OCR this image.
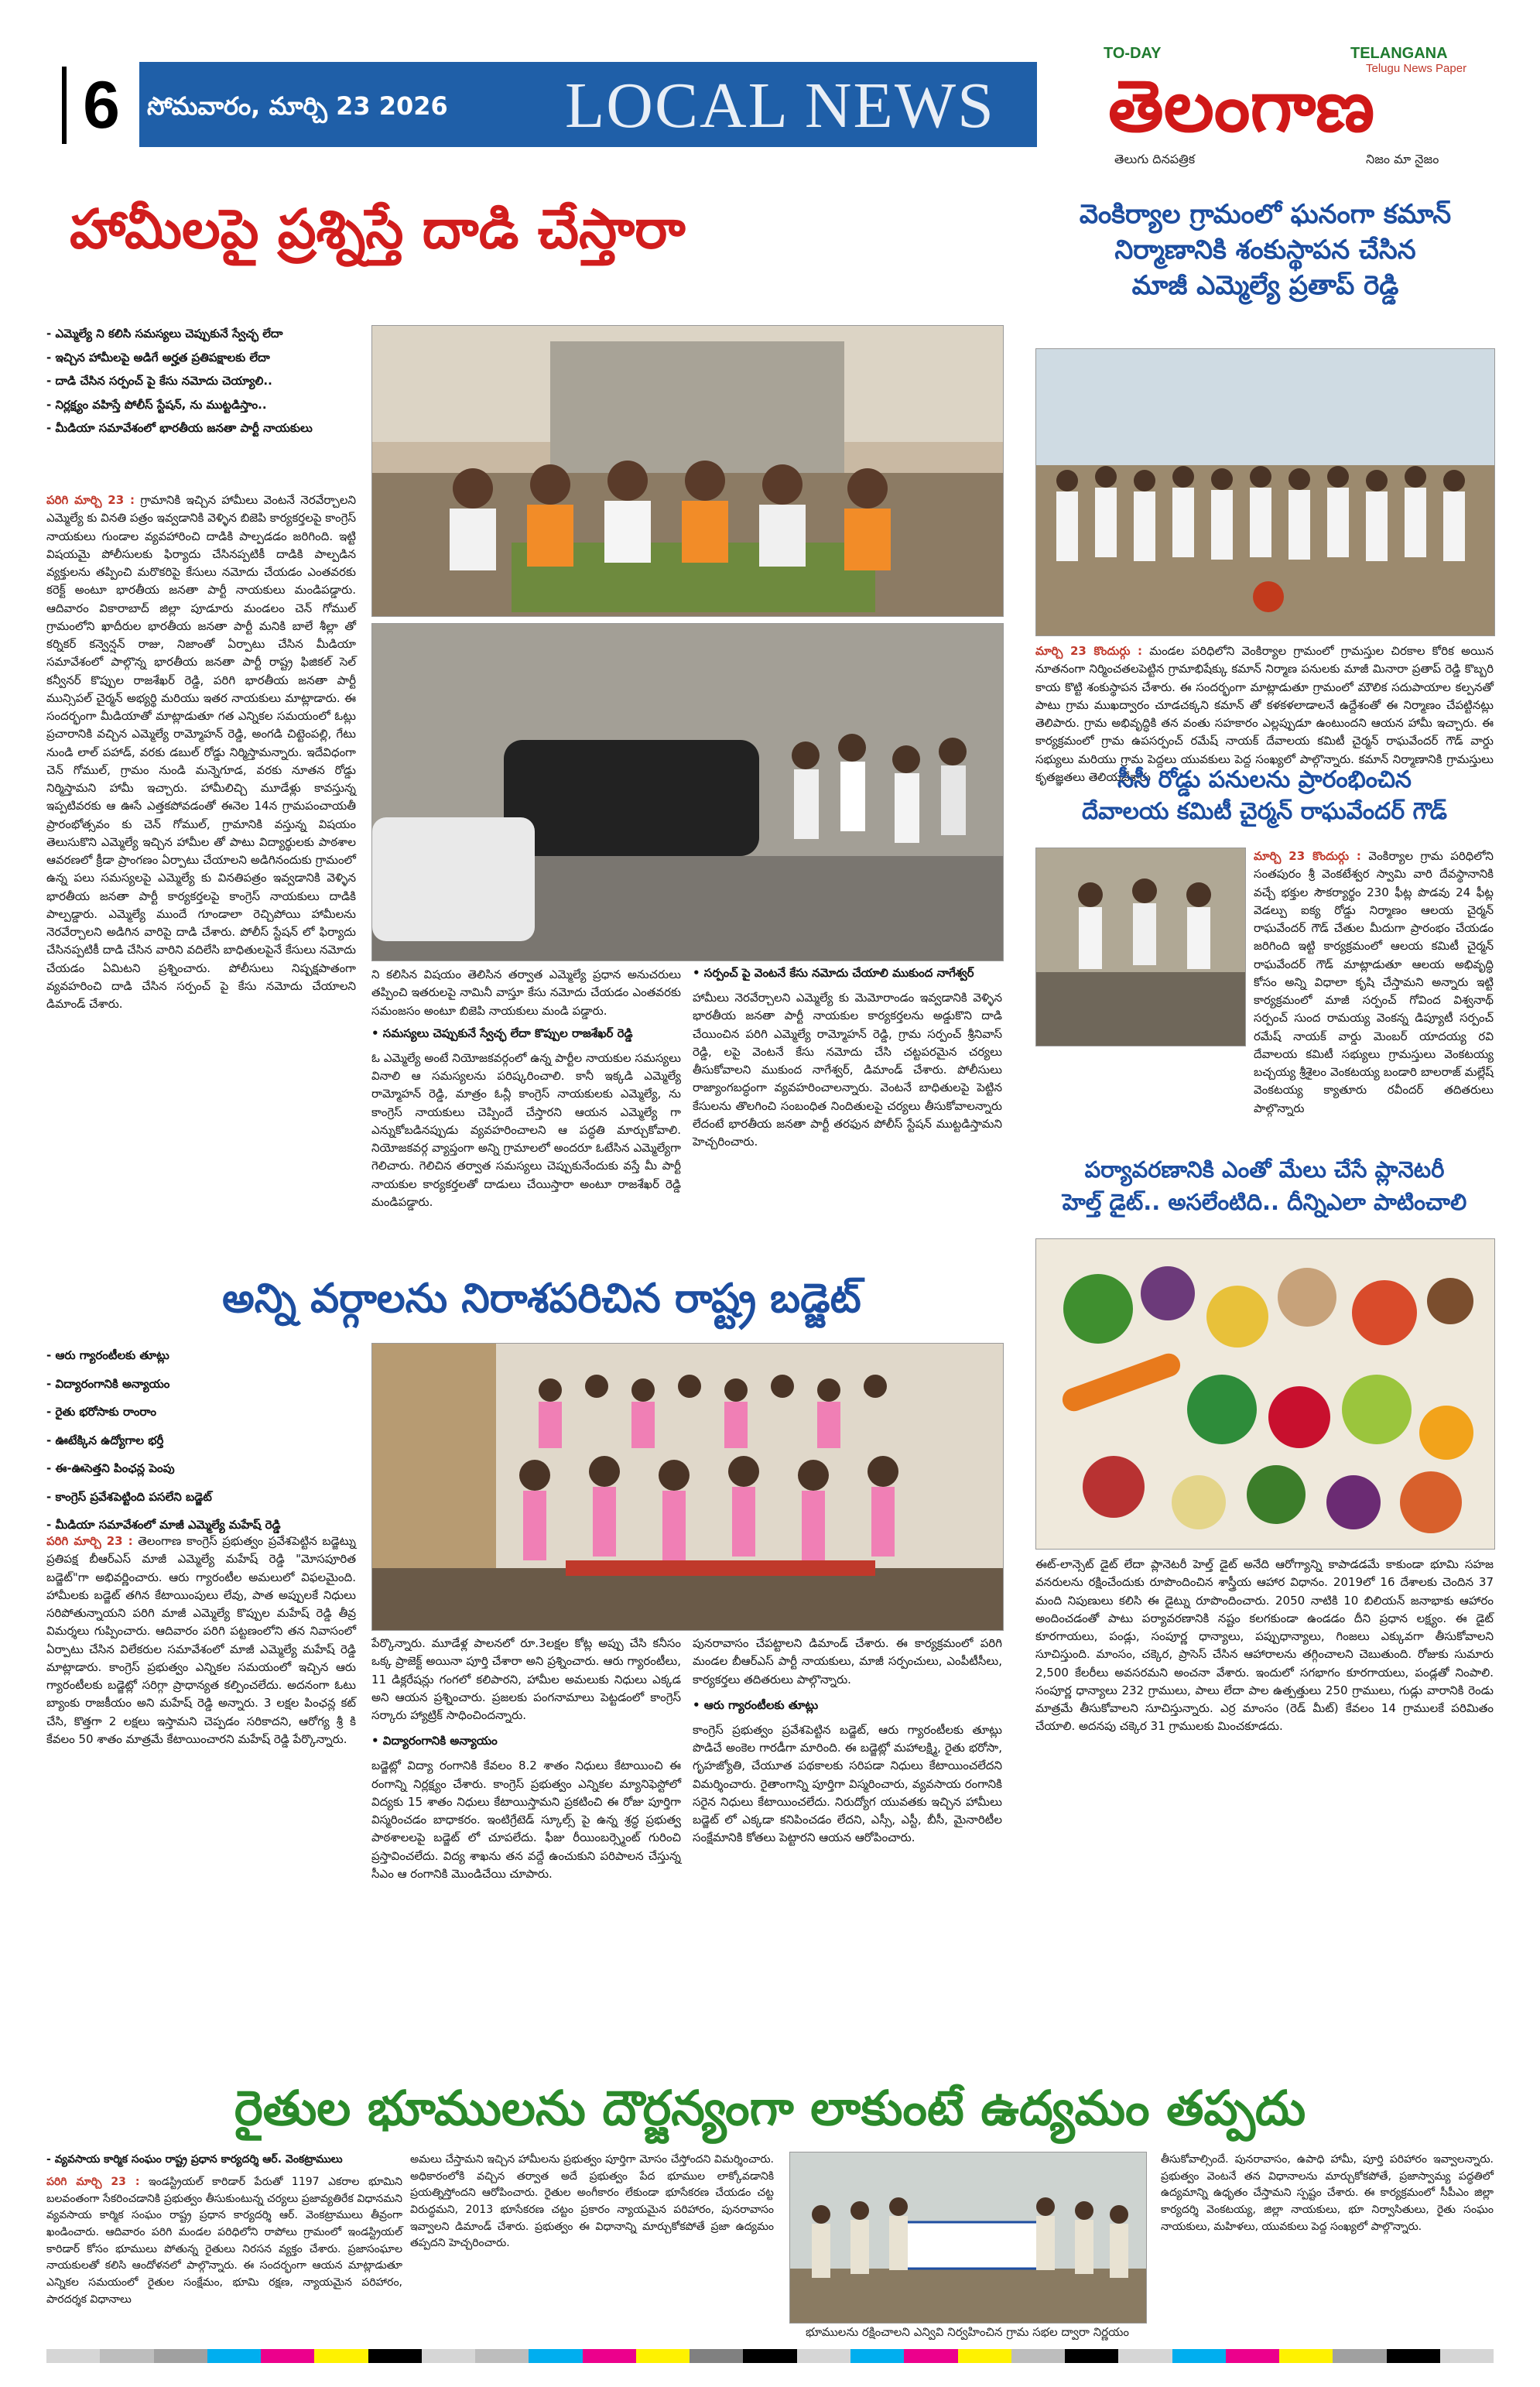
6	సోమవారం, మార్చి 23 2026 LOCAL NEWS
TO-DAY	TELANGANA
Telugu News Paper
తెలంగాణ
తెలుగు దినపత్రిక	నిజం మా నైజం
హామీలపై ప్రశ్నిస్తే దాడి చేస్తారా
- ఎమ్మెల్యే ని కలిసి సమస్యలు చెప్పుకునే స్వేచ్ఛ లేదా
- ఇచ్చిన హామీలపై అడిగే అర్హత ప్రతిపక్షాలకు లేదా
- దాడి చేసిన సర్పంచ్ పై కేసు నమోదు చెయ్యాలి..
- నిర్లక్ష్యం వహిస్తే పోలీస్ స్టేషన్, ను ముట్టడిస్తాం..
- మీడియా సమావేశంలో భారతీయ జనతా పార్టీ నాయకులు

పరిగి మార్చి 23 : గ్రామానికి ఇచ్చిన హామీలు వెంటనే నెరవేర్చాలని ఎమ్మెల్యే కు వినతి పత్రం ఇవ్వడానికి వెళ్ళిన బిజెపి కార్యకర్తలపై కాంగ్రెస్ నాయకులు గుండాల వ్యవహారించి దాడికి పాల్పడడం జరిగింది. ఇట్టి విషయమై పోలీసులకు ఫిర్యాదు చేసినప్పటికీ దాడికి పాల్పడిన వ్యక్తులను తప్పించి మరొకరిపై కేసులు నమోదు చేయడం ఎంతవరకు కరెక్ట్ అంటూ భారతీయ జనతా పార్టీ నాయకులు మండిపడ్డారు. ఆదివారం వికారాబాద్ జిల్లా పూడూరు మండలం చెన్ గోముల్ గ్రామంలోని ఖాదీరుల భారతీయ జనతా పార్టీ మనికి బాలే శీల్లా తో కర్నికర్ కన్వెన్షన్ రాజు, నిజాంతో ఏర్పాటు చేసిన మీడియా సమావేశంలో పాల్గొన్న భారతీయ జనతా పార్టీ రాష్ట్ర ఫిజికల్ సెల్ కన్వీనర్ కొప్పుల రాజశేఖర్ రెడ్డి, పరిగి భారతీయ జనతా పార్టీ మున్సిపల్ చైర్మన్ అభ్యర్థి మరియు ఇతర నాయకులు మాట్లాడారు. ఈ సందర్భంగా మీడియాతో మాట్లాడుతూ గత ఎన్నికల సమయంలో ఓట్లు ప్రచారానికి వచ్చిన ఎమ్మెల్యే రామ్మోహన్ రెడ్డి, అంగడి చిట్టెంపల్లి, గేటు నుండి లాల్ పహాడ్, వరకు డబుల్ రోడ్డు నిర్మిస్తామన్నారు. ఇదేవిధంగా చెన్ గోముల్, గ్రామం నుండి మన్నెగూడ, వరకు నూతన రోడ్డు నిర్మిస్తామని హామీ ఇచ్చారు. హామీలిచ్చి మూడేళ్లు కావస్తున్న ఇప్పటివరకు ఆ ఊసే ఎత్తకపోవడంతో ఈనెల 14న గ్రామపంచాయతీ ప్రారంభోత్సవం కు చెన్ గోముల్, గ్రామానికి వస్తున్న విషయం తెలుసుకొని ఎమ్మెల్యే ఇచ్చిన హామీల తో పాటు విద్యార్థులకు పాఠశాల ఆవరణలో క్రీడా ప్రాంగణం ఏర్పాటు చేయాలని అడిగినందుకు గ్రామంలో ఉన్న పలు సమస్యలపై ఎమ్మెల్యే కు వినతిపత్రం ఇవ్వడానికి వెళ్ళిన భారతీయ జనతా పార్టీ కార్యకర్తలపై కాంగ్రెస్ నాయకులు దాడికి పాల్పడ్డారు. ఎమ్మెల్యే ముందే గూండాలా రెచ్చిపోయి హామీలను నెరవేర్చాలని అడిగిన వారిపై దాడి చేశారు. పోలీస్ స్టేషన్ లో ఫిర్యాదు చేసినప్పటికీ దాడి చేసిన వారిని వదిలేసి బాధితులపైనే కేసులు నమోదు చేయడం ఏమిటని ప్రశ్నించారు. పోలీసులు నిష్పక్షపాతంగా వ్యవహరించి దాడి చేసిన సర్పంచ్ పై కేసు నమోదు చేయాలని డిమాండ్ చేశారు.

ని కలిసిన విషయం తెలిసిన తర్వాత ఎమ్మెల్యే ప్రధాన అనుచరులు తప్పించి ఇతరులపై నామినీ వాస్తూ కేసు నమోదు చేయడం ఎంతవరకు సమంజసం అంటూ బిజెపి నాయకులు మండి పడ్డారు.

• సమస్యలు చెప్పుకునే స్వేచ్ఛ లేదా కొప్పుల రాజశేఖర్ రెడ్డి

ఓ ఎమ్మెల్యే అంటే నియోజకవర్గంలో ఉన్న పార్టీల నాయకుల సమస్యలు వినాలి ఆ సమస్యలను పరిష్కరించాలి. కానీ ఇక్కడి ఎమ్మెల్యే రామ్మోహన్ రెడ్డి, మాత్రం ఓన్లీ కాంగ్రెస్ నాయకులకు ఎమ్మెల్యే, ను కాంగ్రెస్ నాయకులు చెప్పిందే చేస్తారని ఆయన ఎమ్మెల్యే గా ఎన్నుకోబడినప్పుడు వ్యవహరించాలని ఆ పద్ధతి మార్చుకోవాలి. నియోజకవర్గ వ్యాప్తంగా అన్ని గ్రామాలలో అందరూ ఓటేసిన ఎమ్మెల్యేగా గెలిచారు. గెలిచిన తర్వాత సమస్యలు చెప్పుకునేందుకు వస్తే మీ పార్టీ నాయకుల కార్యకర్తలతో దాడులు చేయిస్తారా అంటూ రాజశేఖర్ రెడ్డి మండిపడ్డారు.

• సర్పంచ్ పై వెంటనే కేసు నమోదు చేయాలి ముకుంద నాగేశ్వర్

హామీలు నెరవేర్చాలని ఎమ్మెల్యే కు మెమోరాండం ఇవ్వడానికి వెళ్ళిన భారతీయ జనతా పార్టీ నాయకుల కార్యకర్తలను అడ్డుకొని దాడి చేయించిన పరిగి ఎమ్మెల్యే రామ్మోహన్ రెడ్డి, గ్రామ సర్పంచ్ శ్రీనివాస్ రెడ్డి, లపై వెంటనే కేసు నమోదు చేసి చట్టపరమైన చర్యలు తీసుకోవాలని ముకుంద నాగేశ్వర్, డిమాండ్ చేశారు. పోలీసులు రాజ్యాంగబద్ధంగా వ్యవహరించాలన్నారు. వెంటనే బాధితులపై పెట్టిన కేసులను తొలగించి సంబంధిత నిందితులపై చర్యలు తీసుకోవాలన్నారు లేదంటే భారతీయ జనతా పార్టీ తరఫున పోలీస్ స్టేషన్ ముట్టడిస్తామని హెచ్చరించారు.

వెంకిర్యాల గ్రామంలో ఘనంగా కమాన్
నిర్మాణానికి శంకుస్థాపన చేసిన
మాజీ ఎమ్మెల్యే ప్రతాప్ రెడ్డి

మార్చి 23 కొందుర్గు : మండల పరిధిలోని వెంకిర్యాల గ్రామంలో గ్రామస్తుల చిరకాల కోరిక అయిన నూతనంగా నిర్మించతలపెట్టిన గ్రామాభిషేక్కు కమాన్ నిర్మాణ పనులకు మాజీ మినారా ప్రతాప్ రెడ్డి కొబ్బరి కాయ కొట్టి శంకుస్థాపన చేశారు. ఈ సందర్భంగా మాట్లాడుతూ గ్రామంలో మౌలిక సదుపాయాల కల్పనతో పాటు గ్రామ ముఖద్వారం చూడచక్కని కమాన్ తో కళకళలాడాలనే ఉద్దేశంతో ఈ నిర్మాణం చేపట్టినట్లు తెలిపారు. గ్రామ అభివృద్ధికి తన వంతు సహకారం ఎల్లప్పుడూ ఉంటుందని ఆయన హామీ ఇచ్చారు. ఈ కార్యక్రమంలో గ్రామ ఉపసర్పంచ్ రమేష్ నాయక్ దేవాలయ కమిటీ చైర్మన్ రాఘవేందర్ గౌడ్ వార్డు సభ్యులు మరియు గ్రామ పెద్దలు యువకులు పెద్ద సంఖ్యలో పాల్గొన్నారు. కమాన్ నిర్మాణానికి గ్రామస్తులు కృతజ్ఞతలు తెలియజేశారు

సీసీ రోడ్డు పనులను ప్రారంభించిన
దేవాలయ కమిటీ చైర్మన్ రాఘవేందర్ గౌడ్

మార్చి 23 కొందుర్గు : వెంకిర్యాల గ్రామ పరిధిలోని సంతపురం శ్రీ వెంకటేశ్వర స్వామి వారి దేవస్థానానికి వచ్చే భక్తుల సౌకర్యార్థం 230 ఫీట్ల పొడవు 24 ఫీట్ల వెడల్పు ఐక్య రోడ్డు నిర్మాణం ఆలయ చైర్మన్ రాఘవేందర్ గౌడ్ చేతుల మీదుగా ప్రారంభం చేయడం జరిగింది ఇట్టి కార్యక్రమంలో ఆలయ కమిటీ చైర్మన్ రాఘవేందర్ గౌడ్ మాట్లాడుతూ ఆలయ అభివృద్ధి కోసం అన్ని విధాలా కృషి చేస్తామని అన్నారు ఇట్టి కార్యక్రమంలో మాజీ సర్పంచ్ గోవింద విశ్వనాథ్ సర్పంచ్ సుంద రామయ్య వెంకన్న డిప్యూటీ సర్పంచ్ రమేష్ నాయక్ వార్డు మెంబర్ యాదయ్య రవి దేవాలయ కమిటీ సభ్యులు గ్రామస్తులు వెంకటయ్య బచ్చయ్య శ్రీశైలం వెంకటయ్య బండారి బాలరాజ్ మల్లేష్ వెంకటయ్య క్యాతూరు రవీందర్ తదితరులు పాల్గొన్నారు

పర్యావరణానికి ఎంతో మేలు చేసే ప్లానెటరీ
హెల్త్ డైట్.. అసలేంటిది.. దీన్నిఎలా పాటించాలి

ఈట్-లాన్సెట్ డైట్ లేదా ప్లానెటరీ హెల్త్ డైట్ అనేది ఆరోగ్యాన్ని కాపాడడమే కాకుండా భూమి సహజ వనరులను రక్షించేందుకు రూపొందించిన శాస్త్రీయ ఆహార విధానం. 2019లో 16 దేశాలకు చెందిన 37 మంది నిపుణులు కలిసి ఈ డైట్ను రూపొందించారు. 2050 నాటికి 10 బిలియన్ జనాభాకు ఆహారం అందించడంతో పాటు పర్యావరణానికి నష్టం కలగకుండా ఉండడం దీని ప్రధాన లక్ష్యం. ఈ డైట్ కూరగాయలు, పండ్లు, సంపూర్ణ ధాన్యాలు, పప్పుధాన్యాలు, గింజలు ఎక్కువగా తీసుకోవాలని సూచిస్తుంది. మాంసం, చక్కెర, ప్రాసెస్ చేసిన ఆహారాలను తగ్గించాలని చెబుతుంది. రోజుకు సుమారు 2,500 కేలరీలు అవసరమని అంచనా వేశారు. ఇందులో సగభాగం కూరగాయలు, పండ్లతో నింపాలి. సంపూర్ణ ధాన్యాలు 232 గ్రాములు, పాలు లేదా పాల ఉత్పత్తులు 250 గ్రాములు, గుడ్లు వారానికి రెండు మాత్రమే తీసుకోవాలని సూచిస్తున్నారు. ఎర్ర మాంసం (రెడ్ మీట్) కేవలం 14 గ్రాములకే పరిమితం చేయాలి. అదనపు చక్కెర 31 గ్రాములకు మించకూడదు.

అన్ని వర్గాలను నిరాశపరిచిన రాష్ట్ర బడ్జెట్
- ఆరు గ్యారంటీలకు తూట్లు
- విద్యారంగానికి అన్యాయం
- రైతు భరోసాకు రాంరాం
- ఊటేక్కిన ఉద్యోగాల భర్తీ
- ఈ-ఊసెత్తని పింఛన్ల పెంపు
- కాంగ్రెస్ ప్రవేశపెట్టింది పసలేని బడ్జెట్
- మీడియా సమావేశంలో మాజీ ఎమ్మెల్యే మహేష్ రెడ్డి

పరిగి మార్చి 23 : తెలంగాణ కాంగ్రెస్ ప్రభుత్వం ప్రవేశపెట్టిన బడ్జెట్ను ప్రతిపక్ష బీఆర్ఎస్ మాజీ ఎమ్మెల్యే మహేష్ రెడ్డి "మోసపూరిత బడ్జెట్"గా అభివర్ణించారు. ఆరు గ్యారంటీల అమలులో విఫలమైంది. హామీలకు బడ్జెట్ తగిన కేటాయింపులు లేవు, పాత అప్పులకే నిధులు సరిపోతున్నాయని పరిగి మాజీ ఎమ్మెల్యే కొప్పుల మహేష్ రెడ్డి తీవ్ర విమర్శలు గుప్పించారు. ఆదివారం పరిగి పట్టణంలోని తన నివాసంలో ఏర్పాటు చేసిన విలేకరుల సమావేశంలో మాజీ ఎమ్మెల్యే మహేష్ రెడ్డి మాట్లాడారు. కాంగ్రెస్ ప్రభుత్వం ఎన్నికల సమయంలో ఇచ్చిన ఆరు గ్యారంటీలకు బడ్జెట్లో సరిగ్గా ప్రాధాన్యత కల్పించలేదు. అదనంగా ఓటు బ్యాంకు రాజకీయం అని మహేష్ రెడ్డి అన్నారు. 3 లక్షల పింఛన్ల కట్ చేసి, కొత్తగా 2 లక్షలు ఇస్తామని చెప్పడం సరికాదని, ఆరోగ్య శ్రీ కి కేవలం 50 శాతం మాత్రమే కేటాయించారని మహేష్ రెడ్డి పేర్కొన్నారు.

పేర్కొన్నారు. మూడేళ్ల పాలనలో రూ.3లక్షల కోట్ల అప్పు చేసి కనీసం ఒక్క ప్రాజెక్ట్ అయినా పూర్తి చేశారా అని ప్రశ్నించారు. ఆరు గ్యారంటీలు, 11 డిక్లరేషన్లు గంగలో కలిపారని, హామీల అమలుకు నిధులు ఎక్కడ అని ఆయన ప్రశ్నించారు. ప్రజలకు పంగనామాలు పెట్టడంలో కాంగ్రెస్ సర్కారు హ్యాట్రిక్ సాధించిందన్నారు.

• విద్యారంగానికి అన్యాయం

బడ్జెట్లో విద్యా రంగానికి కేవలం 8.2 శాతం నిధులు కేటాయించి ఈ రంగాన్ని నిర్లక్ష్యం చేశారు. కాంగ్రెస్ ప్రభుత్వం ఎన్నికల మ్యానిఫెస్టోలో విద్యకు 15 శాతం నిధులు కేటాయిస్తామని ప్రకటించి ఈ రోజు పూర్తిగా విస్మరించడం బాధాకరం. ఇంటిగ్రేటెడ్ స్కూల్స్ పై ఉన్న శ్రద్ధ ప్రభుత్వ పాఠశాలలపై బడ్జెట్ లో చూపలేదు. ఫీజు రీయింబర్స్మెంట్ గురించి ప్రస్తావించలేదు. విద్య శాఖను తన వద్దే ఉంచుకుని పరిపాలన చేస్తున్న సీఎం ఆ రంగానికి మొండిచేయి చూపారు.

పునరావాసం చేపట్టాలని డిమాండ్ చేశారు. ఈ కార్యక్రమంలో పరిగి మండల బీఆర్ఎస్ పార్టీ నాయకులు, మాజీ సర్పంచులు, ఎంపీటీసీలు, కార్యకర్తలు తదితరులు పాల్గొన్నారు.

• ఆరు గ్యారంటీలకు తూట్లు

కాంగ్రెస్ ప్రభుత్వం ప్రవేశపెట్టిన బడ్జెట్, ఆరు గ్యారంటీలకు తూట్లు పొడిచే అంకెల గారడీగా మారింది. ఈ బడ్జెట్లో మహాలక్ష్మి, రైతు భరోసా, గృహజ్యోతి, చేయూత పథకాలకు సరిపడా నిధులు కేటాయించలేదని విమర్శించారు. రైతాంగాన్ని పూర్తిగా విస్మరించారు, వ్యవసాయ రంగానికి సరైన నిధులు కేటాయించలేదు. నిరుద్యోగ యువతకు ఇచ్చిన హామీలు బడ్జెట్ లో ఎక్కడా కనిపించడం లేదని, ఎస్సీ, ఎస్టీ, బీసీ, మైనారిటీల సంక్షేమానికి కోతలు పెట్టారని ఆయన ఆరోపించారు.

రైతుల భూములను దౌర్జన్యంగా లాకుంటే ఉద్యమం తప్పదు
- వ్యవసాయ కార్మిక సంఘం రాష్ట్ర ప్రధాన కార్యదర్శి ఆర్. వెంకట్రాములు

పరిగి మార్చి 23 : ఇండస్ట్రియల్ కారిడార్ పేరుతో 1197 ఎకరాల భూమిని బలవంతంగా సేకరించడానికి ప్రభుత్వం తీసుకుంటున్న చర్యలు ప్రజావ్యతిరేక విధానమని వ్యవసాయ కార్మిక సంఘం రాష్ట్ర ప్రధాన కార్యదర్శి ఆర్. వెంకట్రాములు తీవ్రంగా ఖండించారు. ఆదివారం పరిగి మండల పరిధిలోని రాపోలు గ్రామంలో ఇండస్ట్రియల్ కారిడార్ కోసం భూములు పోతున్న రైతులు నిరసన వ్యక్తం చేశారు. ప్రజాసంఘాల నాయకులతో కలిసి ఆందోళనలో పాల్గొన్నారు. ఈ సందర్భంగా ఆయన మాట్లాడుతూ ఎన్నికల సమయంలో రైతుల సంక్షేమం, భూమి రక్షణ, న్యాయమైన పరిహారం, పారదర్శక విధానాలు

అమలు చేస్తామని ఇచ్చిన హామీలను ప్రభుత్వం పూర్తిగా మోసం చేస్తోందని విమర్శించారు. అధికారంలోకి వచ్చిన తర్వాత అదే ప్రభుత్వం పేద భూముల లాక్కోవడానికి ప్రయత్నిస్తోందని ఆరోపించారు. రైతుల అంగీకారం లేకుండా భూసేకరణ చేయడం చట్ట విరుద్ధమని, 2013 భూసేకరణ చట్టం ప్రకారం న్యాయమైన పరిహారం, పునరావాసం ఇవ్వాలని డిమాండ్ చేశారు. ప్రభుత్వం ఈ విధానాన్ని మార్చుకోకపోతే ప్రజా ఉద్యమం తప్పదని హెచ్చరించారు.

భూములను రక్షించాలని ఎన్వివి నిర్వహించిన గ్రామ సభల ద్వారా నిర్ణయం

తీసుకోవాల్సిందే. పునరావాసం, ఉపాధి హామీ, పూర్తి పరిహారం ఇవ్వాలన్నారు. ప్రభుత్వం వెంటనే తన విధానాలను మార్చుకోకపోతే, ప్రజాస్వామ్య పద్ధతిలో ఉద్యమాన్ని ఉధృతం చేస్తామని స్పష్టం చేశారు. ఈ కార్యక్రమంలో సీపీఎం జిల్లా కార్యదర్శి వెంకటయ్య, జిల్లా నాయకులు, భూ నిర్వాసితులు, రైతు సంఘం నాయకులు, మహిళలు, యువకులు పెద్ద సంఖ్యలో పాల్గొన్నారు.
